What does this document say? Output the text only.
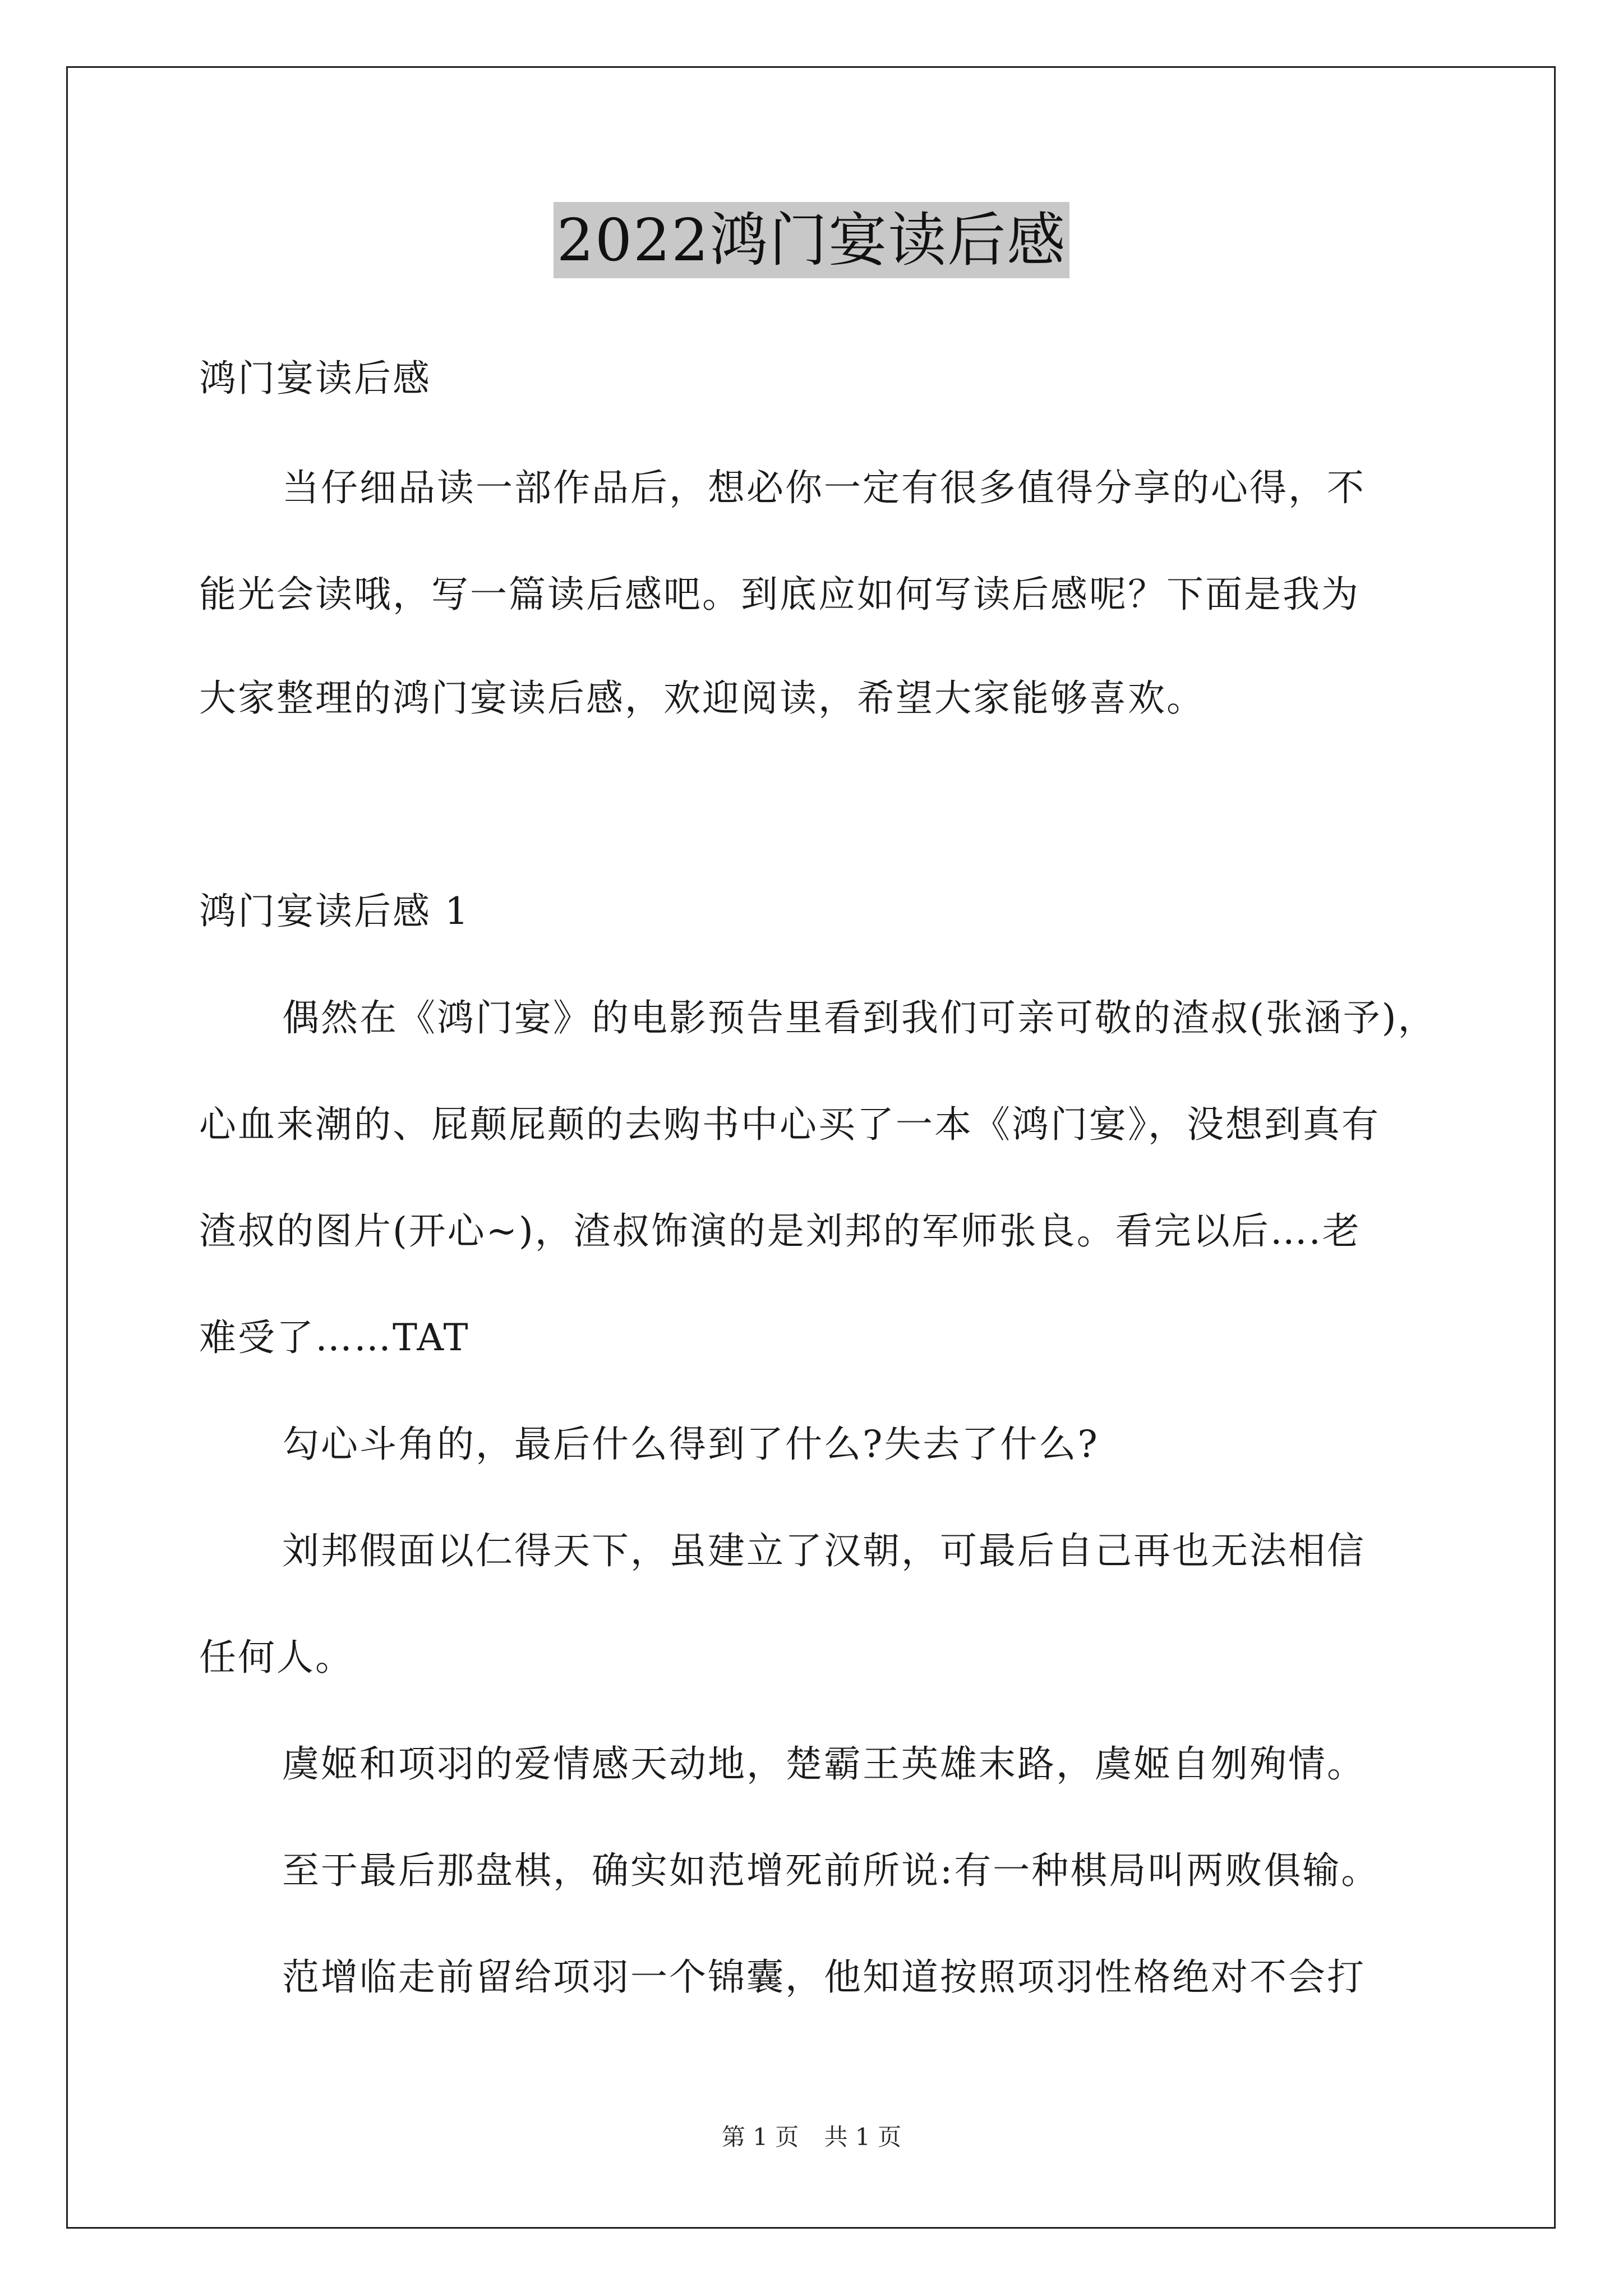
2022鸿门宴读后感
鸿门宴读后感
当仔细品读一部作品后，想必你一定有很多值得分享的心得，不
能光会读哦，写一篇读后感吧。到底应如何写读后感呢？下面是我为
大家整理的鸿门宴读后感，欢迎阅读，希望大家能够喜欢。
鸿门宴读后感 1
偶然在《鸿门宴》的电影预告里看到我们可亲可敬的渣叔(张涵予)，
心血来潮的、屁颠屁颠的去购书中心买了一本《鸿门宴》，没想到真有
渣叔的图片(开心~)，渣叔饰演的是刘邦的军师张良。看完以后….老
难受了……TAT
勾心斗角的，最后什么得到了什么?失去了什么?
刘邦假面以仁得天下，虽建立了汉朝，可最后自己再也无法相信
任何人。
虞姬和项羽的爱情感天动地，楚霸王英雄末路，虞姬自刎殉情。
至于最后那盘棋，确实如范增死前所说:有一种棋局叫两败俱输。
范增临走前留给项羽一个锦囊，他知道按照项羽性格绝对不会打
第 1 页 共 1 页
